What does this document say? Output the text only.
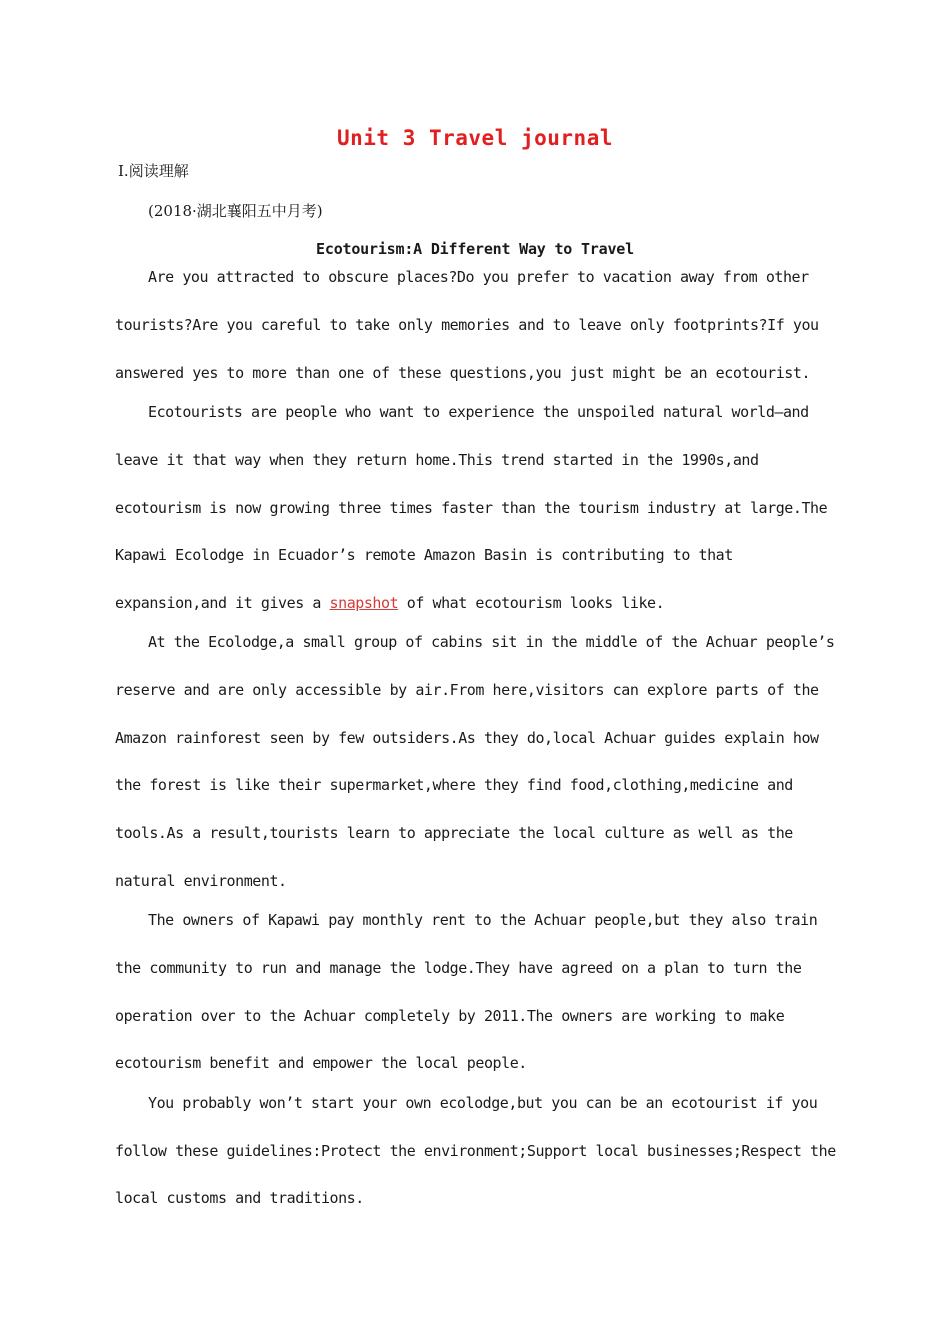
Unit 3 Travel journal
Ⅰ.阅读理解
(2018·湖北襄阳五中月考)
Ecotourism:A Different Way to Travel
Are you attracted to obscure places?Do you prefer to vacation away from other
tourists?Are you careful to take only memories and to leave only footprints?If you
answered yes to more than one of these questions,you just might be an ecotourist.
Ecotourists are people who want to experience the unspoiled natural world—and
leave it that way when they return home.This trend started in the 1990s,and
ecotourism is now growing three times faster than the tourism industry at large.The
Kapawi Ecolodge in Ecuador’s remote Amazon Basin is contributing to that
expansion,and it gives a snapshot of what ecotourism looks like.
At the Ecolodge,a small group of cabins sit in the middle of the Achuar people’s
reserve and are only accessible by air.From here,visitors can explore parts of the
Amazon rainforest seen by few outsiders.As they do,local Achuar guides explain how
the forest is like their supermarket,where they find food,clothing,medicine and
tools.As a result,tourists learn to appreciate the local culture as well as the
natural environment.
The owners of Kapawi pay monthly rent to the Achuar people,but they also train
the community to run and manage the lodge.They have agreed on a plan to turn the
operation over to the Achuar completely by 2011.The owners are working to make
ecotourism benefit and empower the local people.
You probably won’t start your own ecolodge,but you can be an ecotourist if you
follow these guidelines:Protect the environment;Support local businesses;Respect the
local customs and traditions.
